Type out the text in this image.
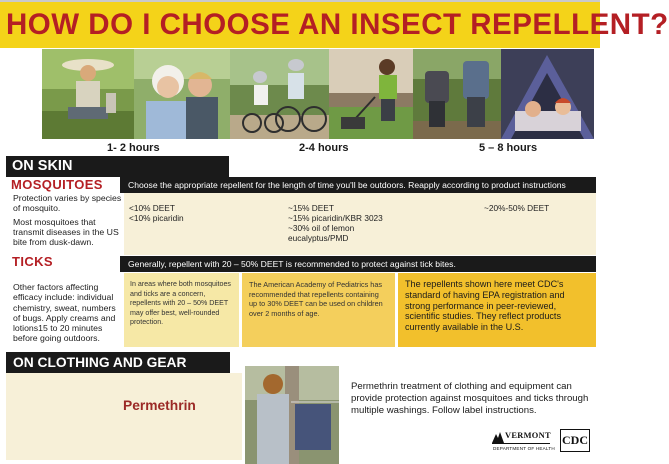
HOW DO I CHOOSE AN INSECT REPELLENT?
1- 2 hours	2-4 hours	5 – 8 hours
ON SKIN
Choose the appropriate repellent for the length of time you'll be outdoors. Reapply according to product instructions
MOSQUITOES
Protection varies by species of mosquito.
Most mosquitoes that transmit diseases in the US bite from dusk-dawn.
<10% DEET
<10% picaridin
~15% DEET
~15% picaridin/KBR 3023
~30% oil of lemon
eucalyptus/PMD
~20%-50% DEET
TICKS	Generally, repellent with 20 – 50% DEET is recommended to protect against tick bites.
Other factors affecting efficacy include: individual chemistry, sweat, numbers of bugs. Apply creams and lotions15 to 20 minutes before going outdoors.
In areas where both mosquitoes and ticks are a concern, repellents with 20 – 50% DEET may offer best, well-rounded protection.
The American Academy of Pediatrics has recommended that repellents containing up to 30% DEET can be used on children over 2 months of age.
The repellents shown here meet CDC's standard of having EPA registration and strong performance in peer-reviewed, scientific studies. They reflect products currently available in the U.S.
ON CLOTHING AND GEAR
Permethrin
Permethrin treatment of clothing and equipment can provide protection against mosquitoes and ticks through multiple washings. Follow label instructions.
VERMONT
DEPARTMENT OF HEALTH
CDC
